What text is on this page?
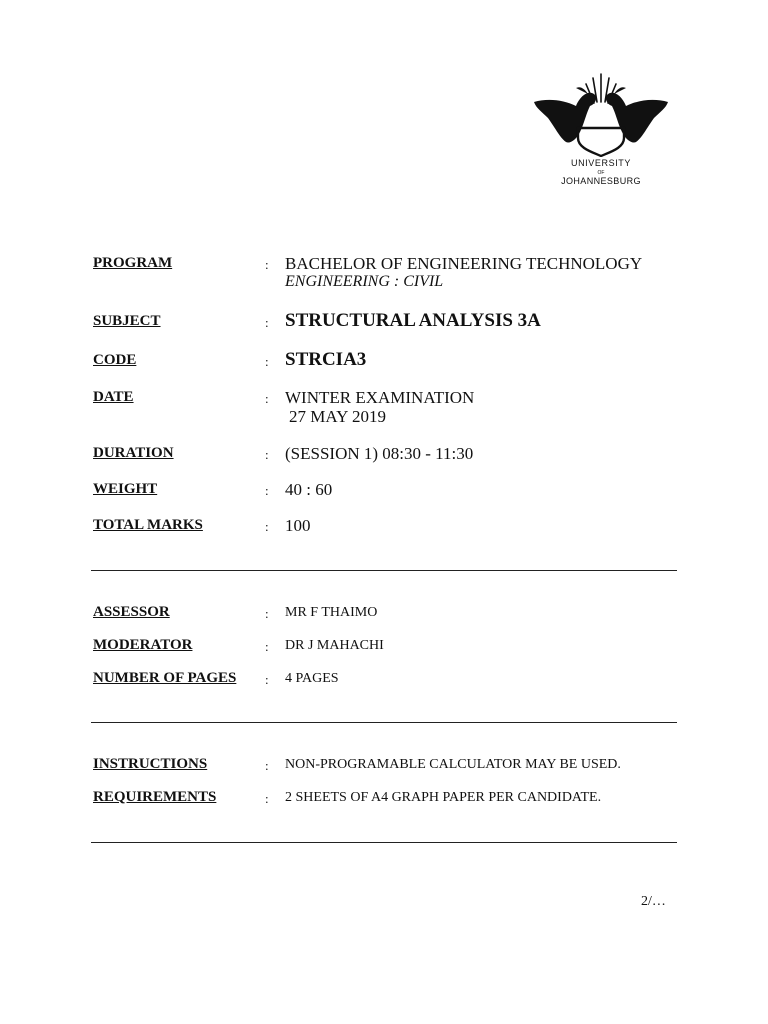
UNIVERSITY
OF
JOHANNESBURG
PROGRAM	: BACHELOR OF ENGINEERING TECHNOLOGY
ENGINEERING : CIVIL
SUBJECT	: STRUCTURAL ANALYSIS 3A
CODE	: STRCIA3
DATE	: WINTER EXAMINATION
27 MAY 2019
DURATION	: (SESSION 1) 08:30 - 11:30
WEIGHT	: 40 : 60
TOTAL MARKS	: 100
ASSESSOR	: MR F THAIMO
MODERATOR	: DR J MAHACHI
NUMBER OF PAGES : 4 PAGES
INSTRUCTIONS	: NON-PROGRAMABLE CALCULATOR MAY BE USED.
REQUIREMENTS	: 2 SHEETS OF A4 GRAPH PAPER PER CANDIDATE.
2/…
